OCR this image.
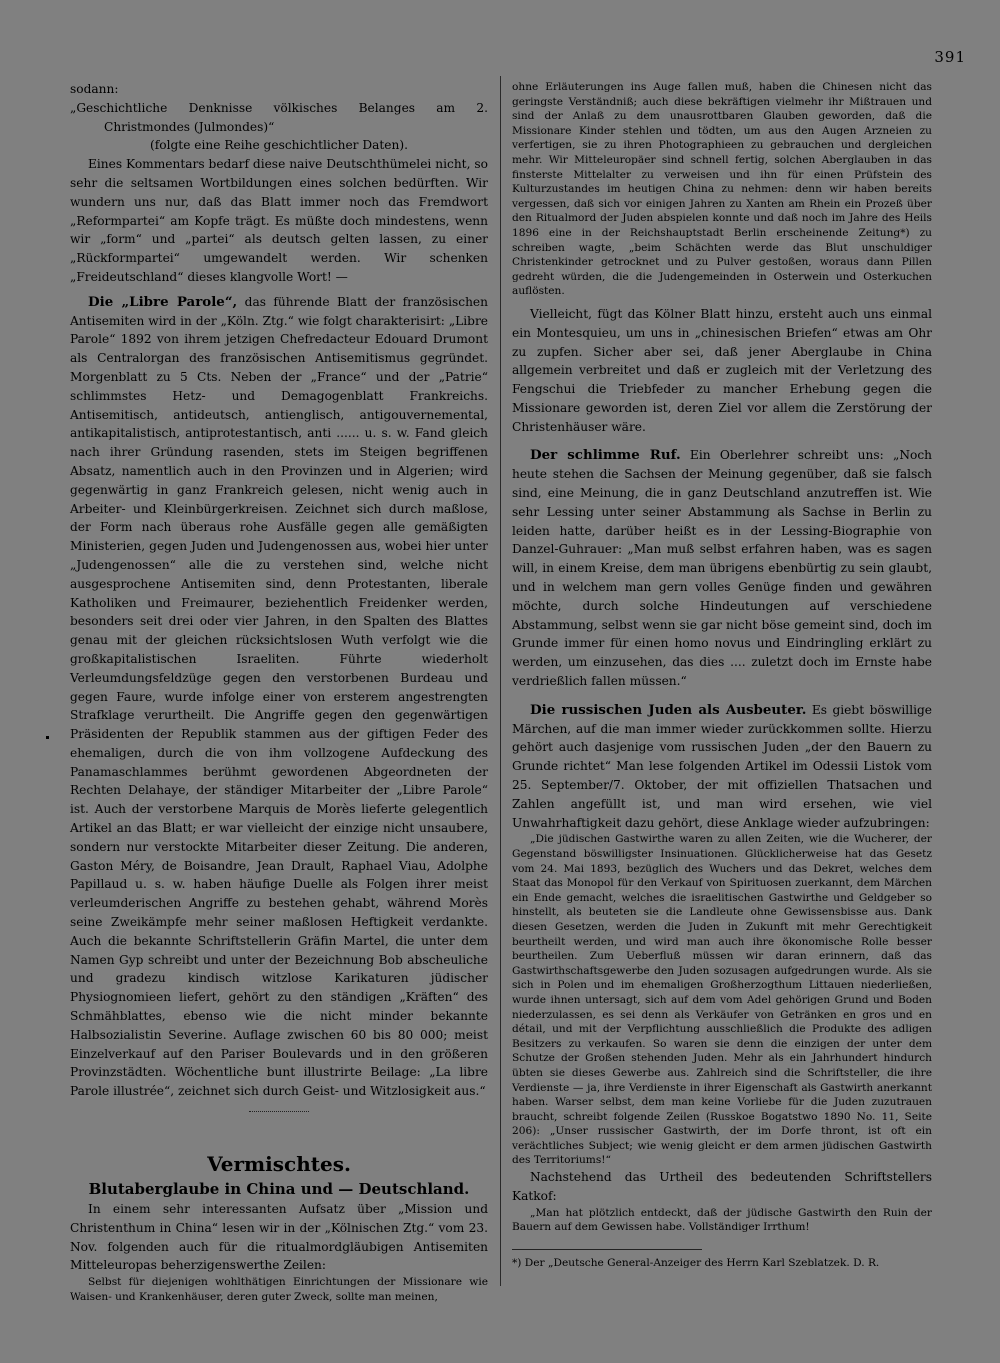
391

sodann:

„Geschichtliche Denknisse völkisches Belanges am 2. Christmondes (Julmondes)“

(folgte eine Reihe geschichtlicher Daten).

Eines Kommentars bedarf diese naive Deutschthümelei nicht, so sehr die seltsamen Wortbildungen eines solchen bedürften. Wir wundern uns nur, daß das Blatt immer noch das Fremdwort „Reformpartei“ am Kopfe trägt. Es müßte doch mindestens, wenn wir „form“ und „partei“ als deutsch gelten lassen, zu einer „Rückformpartei“ umgewandelt werden. Wir schenken „Freideutschland“ dieses klangvolle Wort! —

Die „Libre Parole“, das führende Blatt der französischen Antisemiten wird in der „Köln. Ztg.“ wie folgt charakterisirt: „Libre Parole“ 1892 von ihrem jetzigen Chefredacteur Edouard Drumont als Centralorgan des französischen Antisemitismus gegründet. Morgenblatt zu 5 Cts. Neben der „France“ und der „Patrie“ schlimmstes Hetz- und Demagogenblatt Frankreichs. Antisemitisch, antideutsch, antienglisch, antigouvernemental, antikapitalistisch, antiprotestantisch, anti ...... u. s. w. Fand gleich nach ihrer Gründung rasenden, stets im Steigen begriffenen Absatz, namentlich auch in den Provinzen und in Algerien; wird gegenwärtig in ganz Frankreich gelesen, nicht wenig auch in Arbeiter- und Kleinbürgerkreisen. Zeichnet sich durch maßlose, der Form nach überaus rohe Ausfälle gegen alle gemäßigten Ministerien, gegen Juden und Judengenossen aus, wobei hier unter „Judengenossen“ alle die zu verstehen sind, welche nicht ausgesprochene Antisemiten sind, denn Protestanten, liberale Katholiken und Freimaurer, beziehentlich Freidenker werden, besonders seit drei oder vier Jahren, in den Spalten des Blattes genau mit der gleichen rücksichtslosen Wuth verfolgt wie die großkapitalistischen Israeliten. Führte wiederholt Verleumdungsfeldzüge gegen den verstorbenen Burdeau und gegen Faure, wurde infolge einer von ersterem angestrengten Strafklage verurtheilt. Die Angriffe gegen den gegenwärtigen Präsidenten der Republik stammen aus der giftigen Feder des ehemaligen, durch die von ihm vollzogene Aufdeckung des Panamaschlammes berühmt gewordenen Abgeordneten der Rechten Delahaye, der ständiger Mitarbeiter der „Libre Parole“ ist. Auch der verstorbene Marquis de Morès lieferte gelegentlich Artikel an das Blatt; er war vielleicht der einzige nicht unsaubere, sondern nur verstockte Mitarbeiter dieser Zeitung. Die anderen, Gaston Méry, de Boisandre, Jean Drault, Raphael Viau, Adolphe Papillaud u. s. w. haben häufige Duelle als Folgen ihrer meist verleumderischen Angriffe zu bestehen gehabt, während Morès seine Zweikämpfe mehr seiner maßlosen Heftigkeit verdankte. Auch die bekannte Schriftstellerin Gräfin Martel, die unter dem Namen Gyp schreibt und unter der Bezeichnung Bob abscheuliche und gradezu kindisch witzlose Karikaturen jüdischer Physiognomieen liefert, gehört zu den ständigen „Kräften“ des Schmähblattes, ebenso wie die nicht minder bekannte Halbsozialistin Severine. Auflage zwischen 60 bis 80 000; meist Einzelverkauf auf den Pariser Boulevards und in den größeren Provinzstädten. Wöchentliche bunt illustrirte Beilage: „La libre Parole illustrée“, zeichnet sich durch Geist- und Witzlosigkeit aus.“

Vermischtes.
Blutaberglaube in China und — Deutschland.

In einem sehr interessanten Aufsatz über „Mission und Christenthum in China“ lesen wir in der „Kölnischen Ztg.“ vom 23. Nov. folgenden auch für die ritualmordgläubigen Antisemiten Mitteleuropas beherzigenswerthe Zeilen:

Selbst für diejenigen wohlthätigen Einrichtungen der Missionare wie Waisen- und Krankenhäuser, deren guter Zweck, sollte man meinen,

ohne Erläuterungen ins Auge fallen muß, haben die Chinesen nicht das geringste Verständniß; auch diese bekräftigen vielmehr ihr Mißtrauen und sind der Anlaß zu dem unausrottbaren Glauben geworden, daß die Missionare Kinder stehlen und tödten, um aus den Augen Arzneien zu verfertigen, sie zu ihren Photographieen zu gebrauchen und dergleichen mehr. Wir Mitteleuropäer sind schnell fertig, solchen Aberglauben in das finsterste Mittelalter zu verweisen und ihn für einen Prüfstein des Kulturzustandes im heutigen China zu nehmen: denn wir haben bereits vergessen, daß sich vor einigen Jahren zu Xanten am Rhein ein Prozeß über den Ritualmord der Juden abspielen konnte und daß noch im Jahre des Heils 1896 eine in der Reichshauptstadt Berlin erscheinende Zeitung*) zu schreiben wagte, „beim Schächten werde das Blut unschuldiger Christenkinder getrocknet und zu Pulver gestoßen, woraus dann Pillen gedreht würden, die die Judengemeinden in Osterwein und Osterkuchen auflösten.

Vielleicht, fügt das Kölner Blatt hinzu, ersteht auch uns einmal ein Montesquieu, um uns in „chinesischen Briefen“ etwas am Ohr zu zupfen. Sicher aber sei, daß jener Aberglaube in China allgemein verbreitet und daß er zugleich mit der Verletzung des Fengschui die Triebfeder zu mancher Erhebung gegen die Missionare geworden ist, deren Ziel vor allem die Zerstörung der Christenhäuser wäre.

Der schlimme Ruf. Ein Oberlehrer schreibt uns: „Noch heute stehen die Sachsen der Meinung gegenüber, daß sie falsch sind, eine Meinung, die in ganz Deutschland anzutreffen ist. Wie sehr Lessing unter seiner Abstammung als Sachse in Berlin zu leiden hatte, darüber heißt es in der Lessing-Biographie von Danzel-Guhrauer: „Man muß selbst erfahren haben, was es sagen will, in einem Kreise, dem man übrigens ebenbürtig zu sein glaubt, und in welchem man gern volles Genüge finden und gewähren möchte, durch solche Hindeutungen auf verschiedene Abstammung, selbst wenn sie gar nicht böse gemeint sind, doch im Grunde immer für einen homo novus und Eindringling erklärt zu werden, um einzusehen, das dies .... zuletzt doch im Ernste habe verdrießlich fallen müssen.“

Die russischen Juden als Ausbeuter. Es giebt böswillige Märchen, auf die man immer wieder zurückkommen sollte. Hierzu gehört auch dasjenige vom russischen Juden „der den Bauern zu Grunde richtet“ Man lese folgenden Artikel im Odessii Listok vom 25. September/7. Oktober, der mit offiziellen Thatsachen und Zahlen angefüllt ist, und man wird ersehen, wie viel Unwahrhaftigkeit dazu gehört, diese Anklage wieder aufzubringen:

„Die jüdischen Gastwirthe waren zu allen Zeiten, wie die Wucherer, der Gegenstand böswilligster Insinuationen. Glücklicherweise hat das Gesetz vom 24. Mai 1893, bezüglich des Wuchers und das Dekret, welches dem Staat das Monopol für den Verkauf von Spirituosen zuerkannt, dem Märchen ein Ende gemacht, welches die israelitischen Gastwirthe und Geldgeber so hinstellt, als beuteten sie die Landleute ohne Gewissensbisse aus. Dank diesen Gesetzen, werden die Juden in Zukunft mit mehr Gerechtigkeit beurtheilt werden, und wird man auch ihre ökonomische Rolle besser beurtheilen. Zum Ueberfluß müssen wir daran erinnern, daß das Gastwirthschaftsgewerbe den Juden sozusagen aufgedrungen wurde. Als sie sich in Polen und im ehemaligen Großherzogthum Littauen niederließen, wurde ihnen untersagt, sich auf dem vom Adel gehörigen Grund und Boden niederzulassen, es sei denn als Verkäufer von Getränken en gros und en détail, und mit der Verpflichtung ausschließlich die Produkte des adligen Besitzers zu verkaufen. So waren sie denn die einzigen der unter dem Schutze der Großen stehenden Juden. Mehr als ein Jahrhundert hindurch übten sie dieses Gewerbe aus. Zahlreich sind die Schriftsteller, die ihre Verdienste — ja, ihre Verdienste in ihrer Eigenschaft als Gastwirth anerkannt haben. Warser selbst, dem man keine Vorliebe für die Juden zuzutrauen braucht, schreibt folgende Zeilen (Russkoe Bogatstwo 1890 No. 11, Seite 206): „Unser russischer Gastwirth, der im Dorfe thront, ist oft ein verächtliches Subject; wie wenig gleicht er dem armen jüdischen Gastwirth des Territoriums!“

Nachstehend das Urtheil des bedeutenden Schriftstellers Katkof:

„Man hat plötzlich entdeckt, daß der jüdische Gastwirth den Ruin der Bauern auf dem Gewissen habe. Vollständiger Irrthum!

*) Der „Deutsche General-Anzeiger des Herrn Karl Szeblatzek. D. R.
